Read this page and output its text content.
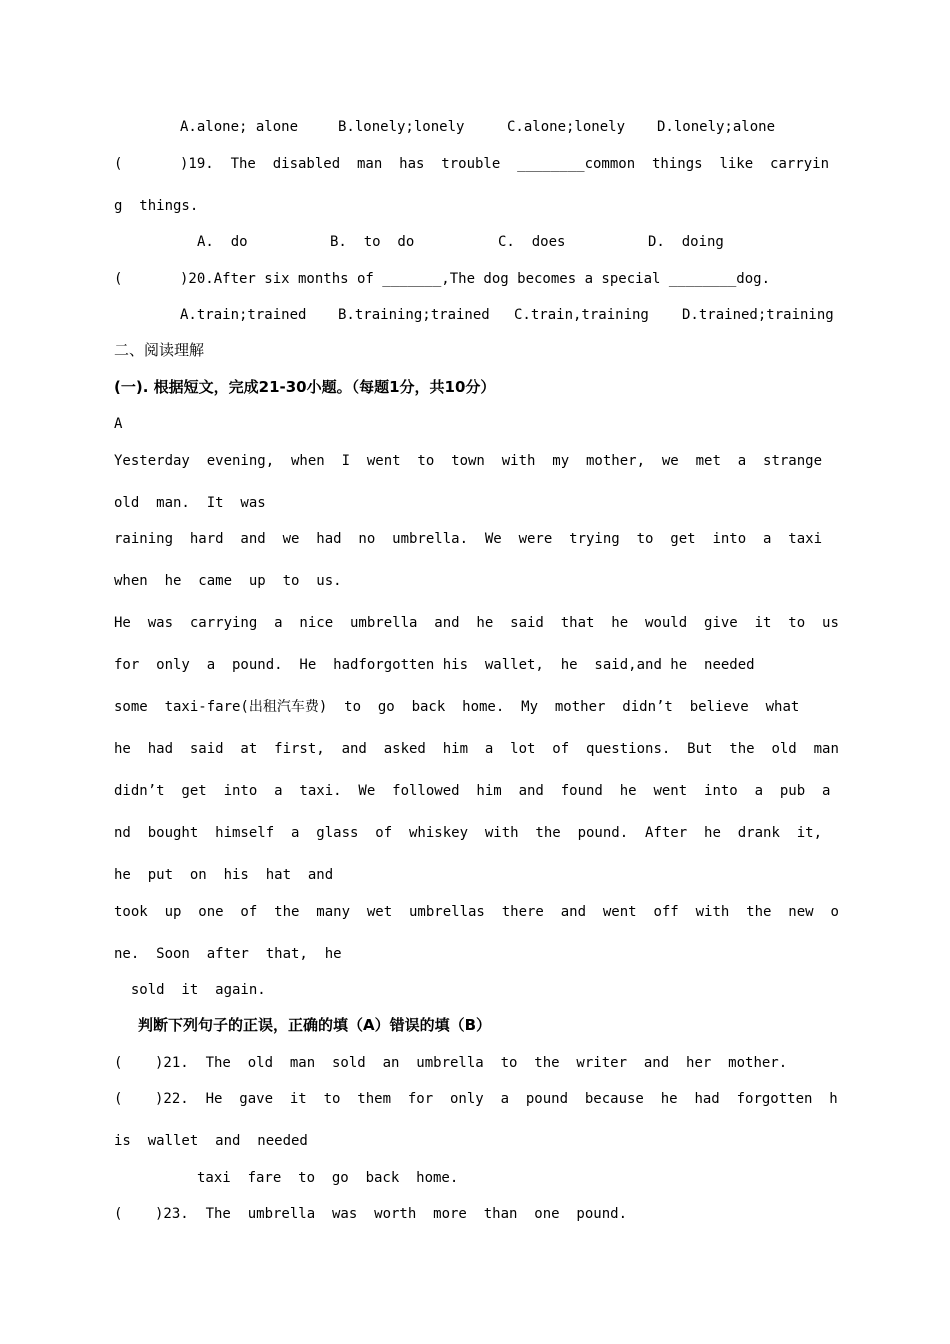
A.alone; alone

	B.lonely;lonely

	C.alone;lonely

D.lonely;alone

(	)19.  The  disabled  man  has  trouble  ________common  things  like  carryin
g  things.

A.  do

	B.  to  do

	C.  does

	D.  doing

(	)20.After six months of _______,The dog becomes a special ________dog.

A.train;trained

B.training;trained

C.train,training

D.trained;training

二、阅读理解
(一). 根据短文，完成21-30小题。（每题1分，共10分）
A
Yesterday  evening,  when  I  went  to  town  with  my  mother,  we  met  a  strange
old  man.  It  was
raining  hard  and  we  had  no  umbrella.  We  were  trying  to  get  into  a  taxi
when  he  came  up  to  us.
He  was  carrying  a  nice  umbrella  and  he  said  that  he  would  give  it  to  us
for  only  a  pound.  He  hadforgotten his  wallet,  he  said,and he  needed
some  taxi-fare(出租汽车费)  to  go  back  home.  My  mother  didn’t  believe  what
he  had  said  at  first,  and  asked  him  a  lot  of  questions.  But  the  old  man
didn’t  get  into  a  taxi.  We  followed  him  and  found  he  went  into  a  pub  a
nd  bought  himself  a  glass  of  whiskey  with  the  pound.  After  he  drank  it,
he  put  on  his  hat  and
took  up  one  of  the  many  wet  umbrellas  there  and  went  off  with  the  new  o
ne.  Soon  after  that,  he
sold  it  again.
判断下列句子的正误，正确的填（A）错误的填（B）
( )21.  The  old  man  sold  an  umbrella  to  the  writer  and  her  mother.
( )22.  He  gave  it  to  them  for  only  a  pound  because  he  had  forgotten  h
is  wallet  and  needed
taxi  fare  to  go  back  home.
( )23.  The  umbrella  was  worth  more  than  one  pound.
